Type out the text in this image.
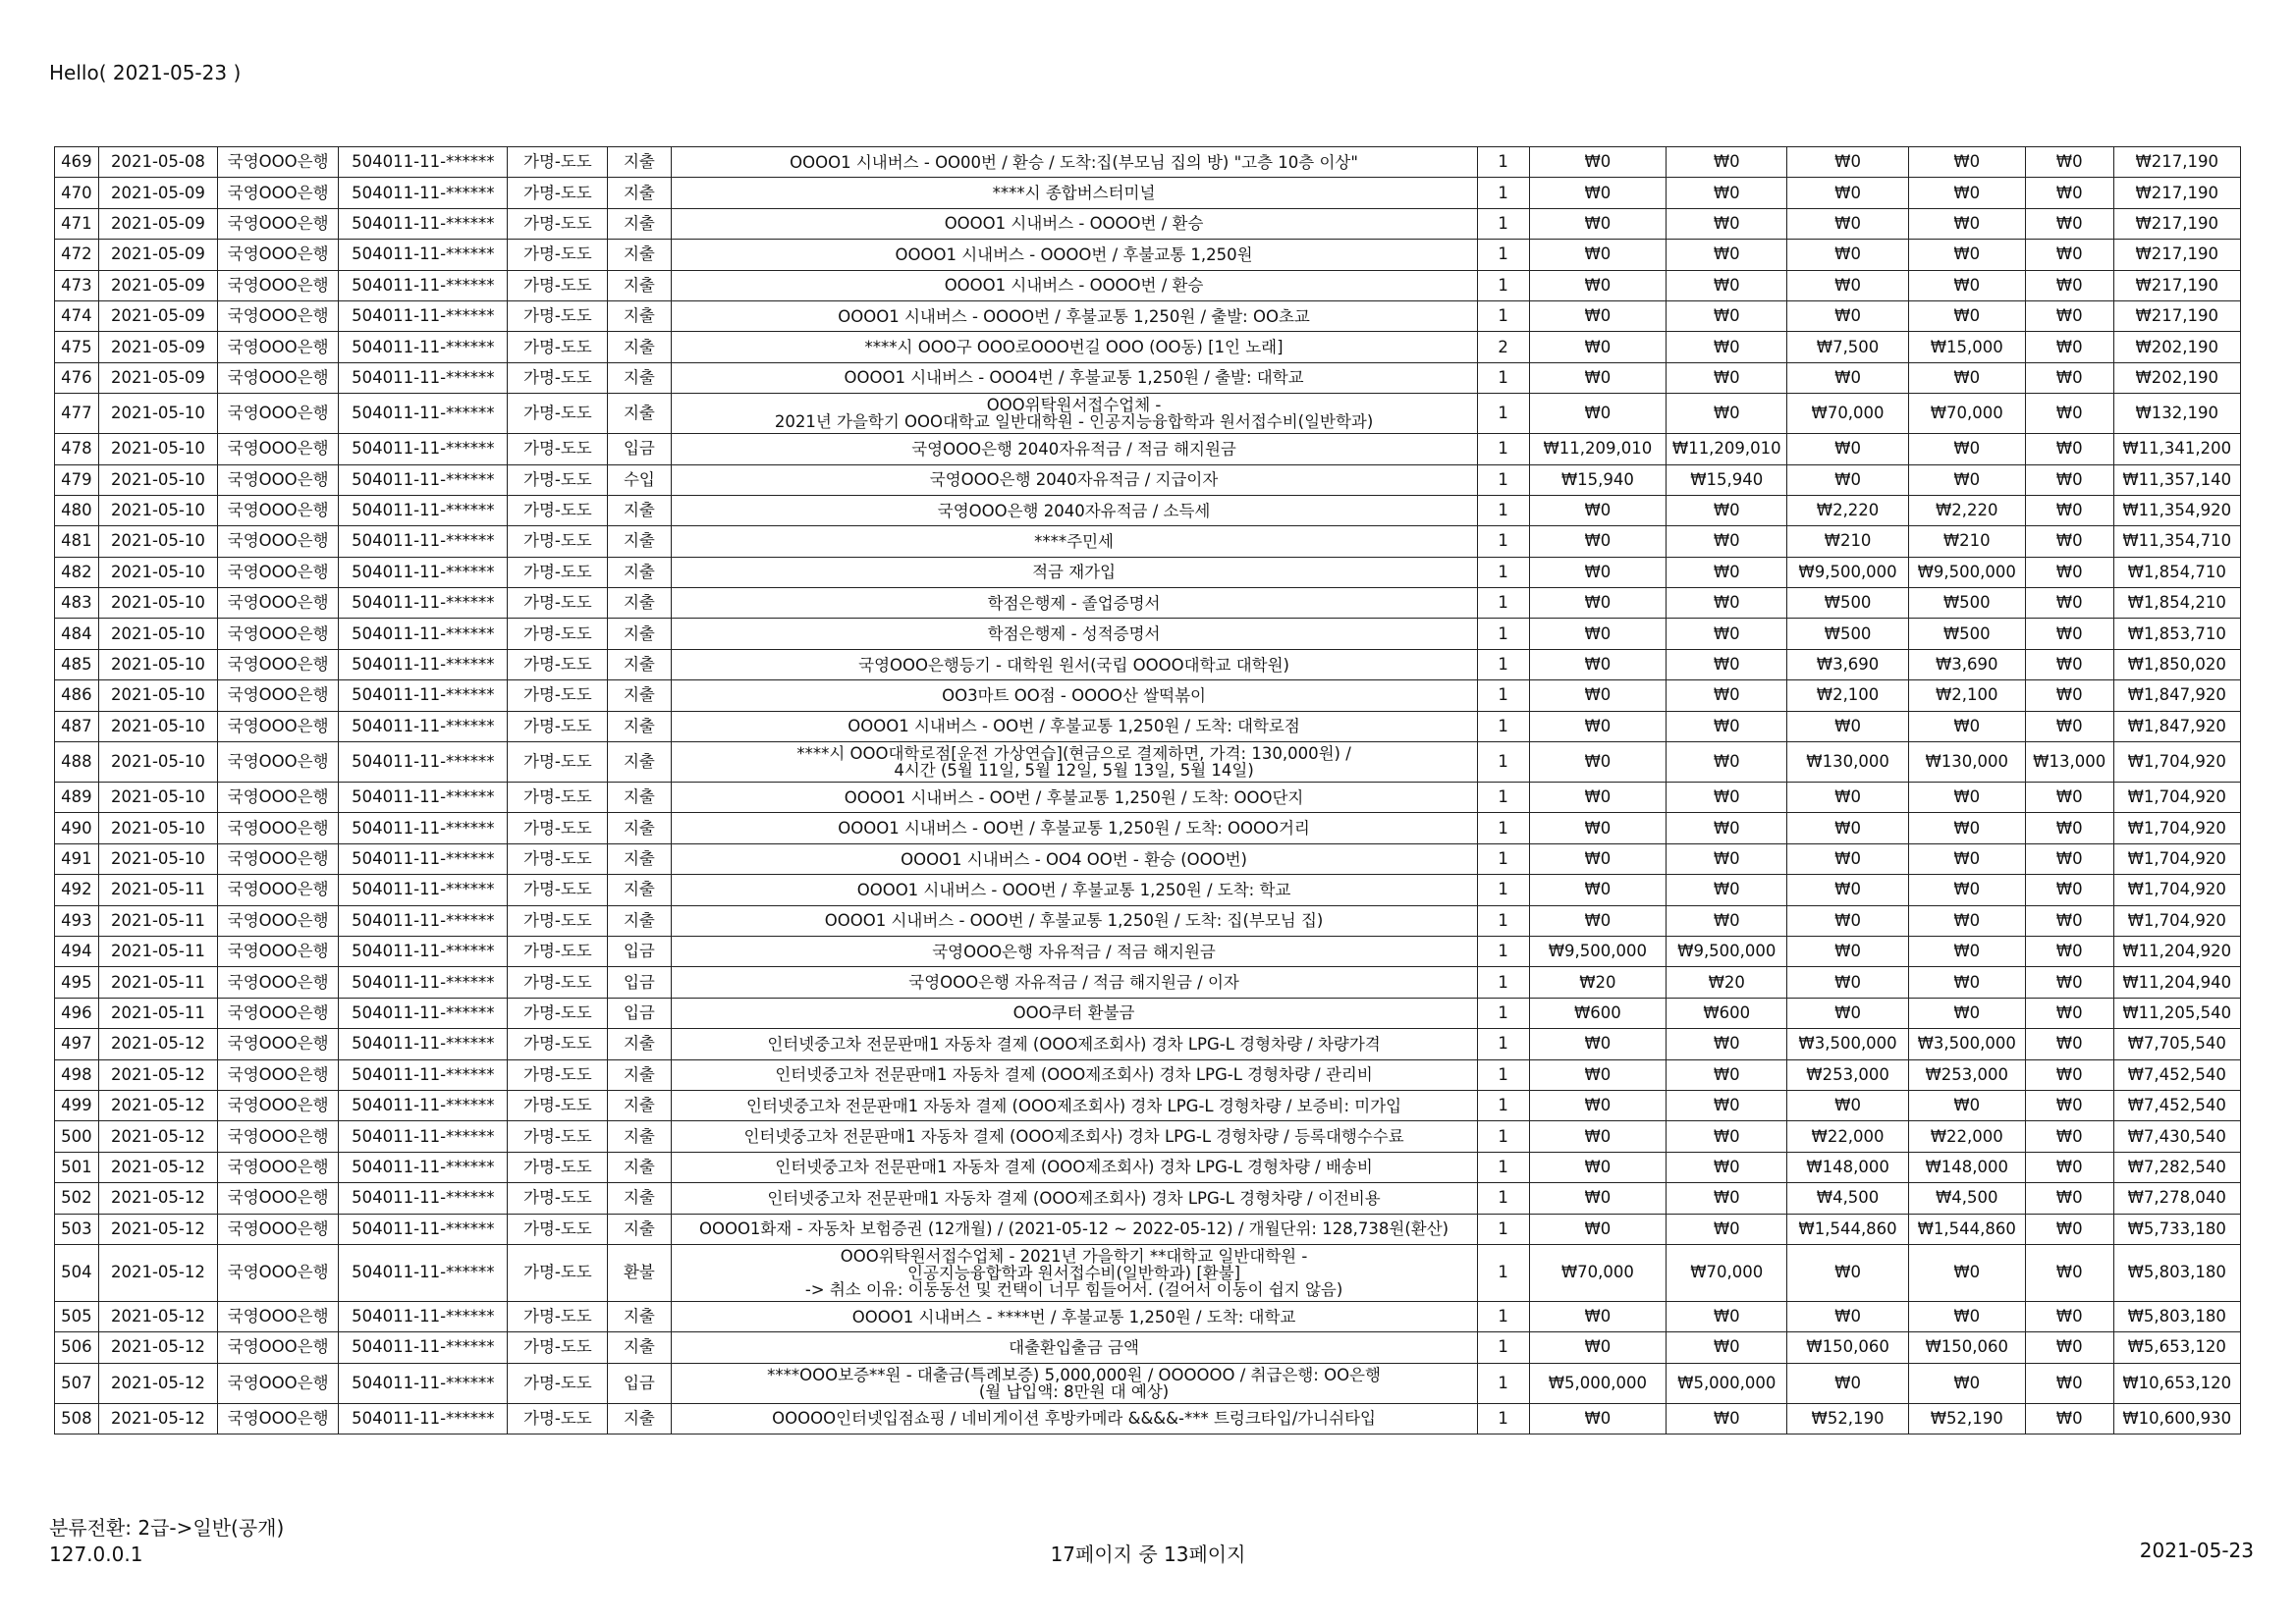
Hello( 2021-05-23 )
469	2021-05-08	국영OOO은행	504011-11-******	가명-도도	지출	OOOO1 시내버스 - OO00번 / 환승 / 도착:집(부모님 집의 방) "고층 10층 이상"	1	₩0	₩0	₩0	₩0	₩0	₩217,190
470	2021-05-09	국영OOO은행	504011-11-******	가명-도도	지출	****시 종합버스터미널	1	₩0	₩0	₩0	₩0	₩0	₩217,190
471	2021-05-09	국영OOO은행	504011-11-******	가명-도도	지출	OOOO1 시내버스 - OOOO번 / 환승	1	₩0	₩0	₩0	₩0	₩0	₩217,190
472	2021-05-09	국영OOO은행	504011-11-******	가명-도도	지출	OOOO1 시내버스 - OOOO번 / 후불교통 1,250원	1	₩0	₩0	₩0	₩0	₩0	₩217,190
473	2021-05-09	국영OOO은행	504011-11-******	가명-도도	지출	OOOO1 시내버스 - OOOO번 / 환승	1	₩0	₩0	₩0	₩0	₩0	₩217,190
474	2021-05-09	국영OOO은행	504011-11-******	가명-도도	지출	OOOO1 시내버스 - OOOO번 / 후불교통 1,250원 / 출발: OO초교	1	₩0	₩0	₩0	₩0	₩0	₩217,190
475	2021-05-09	국영OOO은행	504011-11-******	가명-도도	지출	****시 OOO구 OOO로OOO번길 OOO (OO동) [1인 노래]	2	₩0	₩0	₩7,500	₩15,000	₩0	₩202,190
476	2021-05-09	국영OOO은행	504011-11-******	가명-도도	지출	OOOO1 시내버스 - OOO4번 / 후불교통 1,250원 / 출발: 대학교	1	₩0	₩0	₩0	₩0	₩0	₩202,190
477	2021-05-10	국영OOO은행	504011-11-******	가명-도도	지출	OOO위탁원서접수업체 -
2021년 가을학기 OOO대학교 일반대학원 - 인공지능융합학과 원서접수비(일반학과)	1	₩0	₩0	₩70,000	₩70,000	₩0	₩132,190
478	2021-05-10	국영OOO은행	504011-11-******	가명-도도	입금	국영OOO은행 2040자유적금 / 적금 해지원금	1	₩11,209,010	₩11,209,010	₩0	₩0	₩0	₩11,341,200
479	2021-05-10	국영OOO은행	504011-11-******	가명-도도	수입	국영OOO은행 2040자유적금 / 지급이자	1	₩15,940	₩15,940	₩0	₩0	₩0	₩11,357,140
480	2021-05-10	국영OOO은행	504011-11-******	가명-도도	지출	국영OOO은행 2040자유적금 / 소득세	1	₩0	₩0	₩2,220	₩2,220	₩0	₩11,354,920
481	2021-05-10	국영OOO은행	504011-11-******	가명-도도	지출	****주민세	1	₩0	₩0	₩210	₩210	₩0	₩11,354,710
482	2021-05-10	국영OOO은행	504011-11-******	가명-도도	지출	적금 재가입	1	₩0	₩0	₩9,500,000	₩9,500,000	₩0	₩1,854,710
483	2021-05-10	국영OOO은행	504011-11-******	가명-도도	지출	학점은행제 - 졸업증명서	1	₩0	₩0	₩500	₩500	₩0	₩1,854,210
484	2021-05-10	국영OOO은행	504011-11-******	가명-도도	지출	학점은행제 - 성적증명서	1	₩0	₩0	₩500	₩500	₩0	₩1,853,710
485	2021-05-10	국영OOO은행	504011-11-******	가명-도도	지출	국영OOO은행등기 - 대학원 원서(국립 OOOO대학교 대학원)	1	₩0	₩0	₩3,690	₩3,690	₩0	₩1,850,020
486	2021-05-10	국영OOO은행	504011-11-******	가명-도도	지출	OO3마트 OO점 - OOOO산 쌀떡볶이	1	₩0	₩0	₩2,100	₩2,100	₩0	₩1,847,920
487	2021-05-10	국영OOO은행	504011-11-******	가명-도도	지출	OOOO1 시내버스 - OO번 / 후불교통 1,250원 / 도착: 대학로점	1	₩0	₩0	₩0	₩0	₩0	₩1,847,920
488	2021-05-10	국영OOO은행	504011-11-******	가명-도도	지출	****시 OOO대학로점[운전 가상연습](현금으로 결제하면, 가격: 130,000원) /
4시간 (5월 11일, 5월 12일, 5월 13일, 5월 14일)	1	₩0	₩0	₩130,000	₩130,000	₩13,000	₩1,704,920
489	2021-05-10	국영OOO은행	504011-11-******	가명-도도	지출	OOOO1 시내버스 - OO번 / 후불교통 1,250원 / 도착: OOO단지	1	₩0	₩0	₩0	₩0	₩0	₩1,704,920
490	2021-05-10	국영OOO은행	504011-11-******	가명-도도	지출	OOOO1 시내버스 - OO번 / 후불교통 1,250원 / 도착: OOOO거리	1	₩0	₩0	₩0	₩0	₩0	₩1,704,920
491	2021-05-10	국영OOO은행	504011-11-******	가명-도도	지출	OOOO1 시내버스 - OO4 OO번 - 환승 (OOO번)	1	₩0	₩0	₩0	₩0	₩0	₩1,704,920
492	2021-05-11	국영OOO은행	504011-11-******	가명-도도	지출	OOOO1 시내버스 - OOO번 / 후불교통 1,250원 / 도착: 학교	1	₩0	₩0	₩0	₩0	₩0	₩1,704,920
493	2021-05-11	국영OOO은행	504011-11-******	가명-도도	지출	OOOO1 시내버스 - OOO번 / 후불교통 1,250원 / 도착: 집(부모님 집)	1	₩0	₩0	₩0	₩0	₩0	₩1,704,920
494	2021-05-11	국영OOO은행	504011-11-******	가명-도도	입금	국영OOO은행 자유적금 / 적금 해지원금	1	₩9,500,000	₩9,500,000	₩0	₩0	₩0	₩11,204,920
495	2021-05-11	국영OOO은행	504011-11-******	가명-도도	입금	국영OOO은행 자유적금 / 적금 해지원금 / 이자	1	₩20	₩20	₩0	₩0	₩0	₩11,204,940
496	2021-05-11	국영OOO은행	504011-11-******	가명-도도	입금	OOO쿠터 환불금	1	₩600	₩600	₩0	₩0	₩0	₩11,205,540
497	2021-05-12	국영OOO은행	504011-11-******	가명-도도	지출	인터넷중고차 전문판매1 자동차 결제 (OOO제조회사) 경차 LPG-L 경형차량 / 차량가격	1	₩0	₩0	₩3,500,000	₩3,500,000	₩0	₩7,705,540
498	2021-05-12	국영OOO은행	504011-11-******	가명-도도	지출	인터넷중고차 전문판매1 자동차 결제 (OOO제조회사) 경차 LPG-L 경형차량 / 관리비	1	₩0	₩0	₩253,000	₩253,000	₩0	₩7,452,540
499	2021-05-12	국영OOO은행	504011-11-******	가명-도도	지출	인터넷중고차 전문판매1 자동차 결제 (OOO제조회사) 경차 LPG-L 경형차량 / 보증비: 미가입	1	₩0	₩0	₩0	₩0	₩0	₩7,452,540
500	2021-05-12	국영OOO은행	504011-11-******	가명-도도	지출	인터넷중고차 전문판매1 자동차 결제 (OOO제조회사) 경차 LPG-L 경형차량 / 등록대행수수료	1	₩0	₩0	₩22,000	₩22,000	₩0	₩7,430,540
501	2021-05-12	국영OOO은행	504011-11-******	가명-도도	지출	인터넷중고차 전문판매1 자동차 결제 (OOO제조회사) 경차 LPG-L 경형차량 / 배송비	1	₩0	₩0	₩148,000	₩148,000	₩0	₩7,282,540
502	2021-05-12	국영OOO은행	504011-11-******	가명-도도	지출	인터넷중고차 전문판매1 자동차 결제 (OOO제조회사) 경차 LPG-L 경형차량 / 이전비용	1	₩0	₩0	₩4,500	₩4,500	₩0	₩7,278,040
503	2021-05-12	국영OOO은행	504011-11-******	가명-도도	지출	OOOO1화재 - 자동차 보험증권 (12개월) / (2021-05-12 ~ 2022-05-12) / 개월단위: 128,738원(환산)	1	₩0	₩0	₩1,544,860	₩1,544,860	₩0	₩5,733,180
504	2021-05-12	국영OOO은행	504011-11-******	가명-도도	환불	OOO위탁원서접수업체 - 2021년 가을학기 **대학교 일반대학원 -
인공지능융합학과 원서접수비(일반학과) [환불]
-> 취소 이유: 이동동선 및 컨택이 너무 힘들어서. (걸어서 이동이 쉽지 않음)	1	₩70,000	₩70,000	₩0	₩0	₩0	₩5,803,180
505	2021-05-12	국영OOO은행	504011-11-******	가명-도도	지출	OOOO1 시내버스 - ****번 / 후불교통 1,250원 / 도착: 대학교	1	₩0	₩0	₩0	₩0	₩0	₩5,803,180
506	2021-05-12	국영OOO은행	504011-11-******	가명-도도	지출	대출환입출금 금액	1	₩0	₩0	₩150,060	₩150,060	₩0	₩5,653,120
507	2021-05-12	국영OOO은행	504011-11-******	가명-도도	입금	****OOO보증**원 - 대출금(특례보증) 5,000,000원 / OOOOOO / 취급은행: OO은행
(월 납입액: 8만원 대 예상)	1	₩5,000,000	₩5,000,000	₩0	₩0	₩0	₩10,653,120
508	2021-05-12	국영OOO은행	504011-11-******	가명-도도	지출	OOOOO인터넷입점쇼핑 / 네비게이션 후방카메라 &&&&-*** 트렁크타입/가니쉬타입	1	₩0	₩0	₩52,190	₩52,190	₩0	₩10,600,930
분류전환: 2급->일반(공개)
127.0.0.1	17페이지 중 13페이지	2021-05-23
